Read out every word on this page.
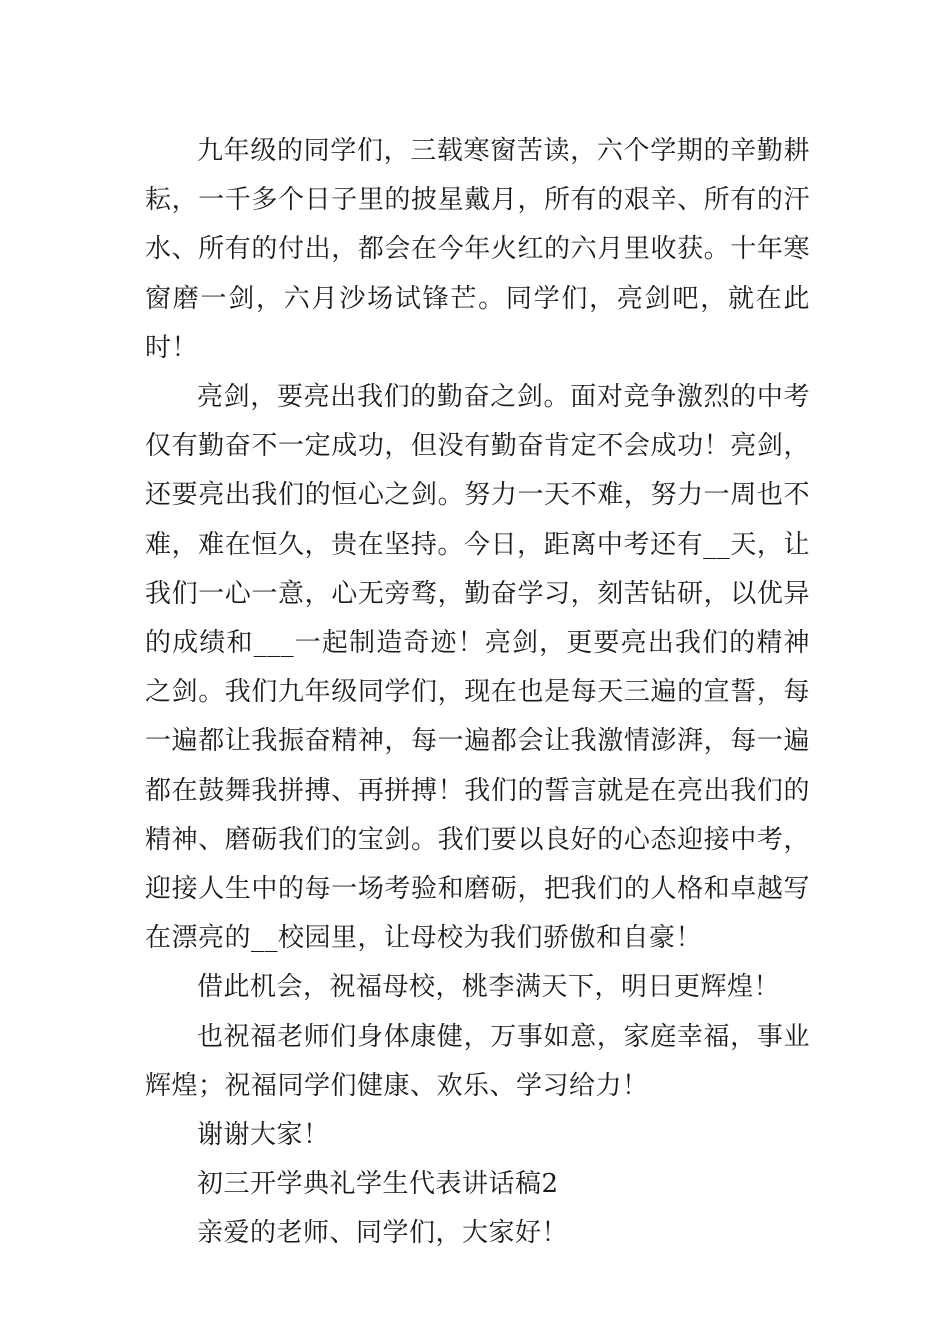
九年级的同学们，三载寒窗苦读，六个学期的辛勤耕耘，一千多个日子里的披星戴月，所有的艰辛、所有的汗水、所有的付出，都会在今年火红的六月里收获。十年寒窗磨一剑，六月沙场试锋芒。同学们，亮剑吧，就在此时！

亮剑，要亮出我们的勤奋之剑。面对竞争激烈的中考仅有勤奋不一定成功，但没有勤奋肯定不会成功！亮剑，还要亮出我们的恒心之剑。努力一天不难，努力一周也不难，难在恒久，贵在坚持。今日，距离中考还有__天，让我们一心一意，心无旁骛，勤奋学习，刻苦钻研，以优异的成绩和___一起制造奇迹！亮剑，更要亮出我们的精神之剑。我们九年级同学们，现在也是每天三遍的宣誓，每一遍都让我振奋精神，每一遍都会让我激情澎湃，每一遍都在鼓舞我拼搏、再拼搏！我们的誓言就是在亮出我们的精神、磨砺我们的宝剑。我们要以良好的心态迎接中考，迎接人生中的每一场考验和磨砺，把我们的人格和卓越写在漂亮的__校园里，让母校为我们骄傲和自豪！

借此机会，祝福母校，桃李满天下，明日更辉煌！

也祝福老师们身体康健，万事如意，家庭幸福，事业辉煌；祝福同学们健康、欢乐、学习给力！

谢谢大家！

初三开学典礼学生代表讲话稿2

亲爱的老师、同学们，大家好！
